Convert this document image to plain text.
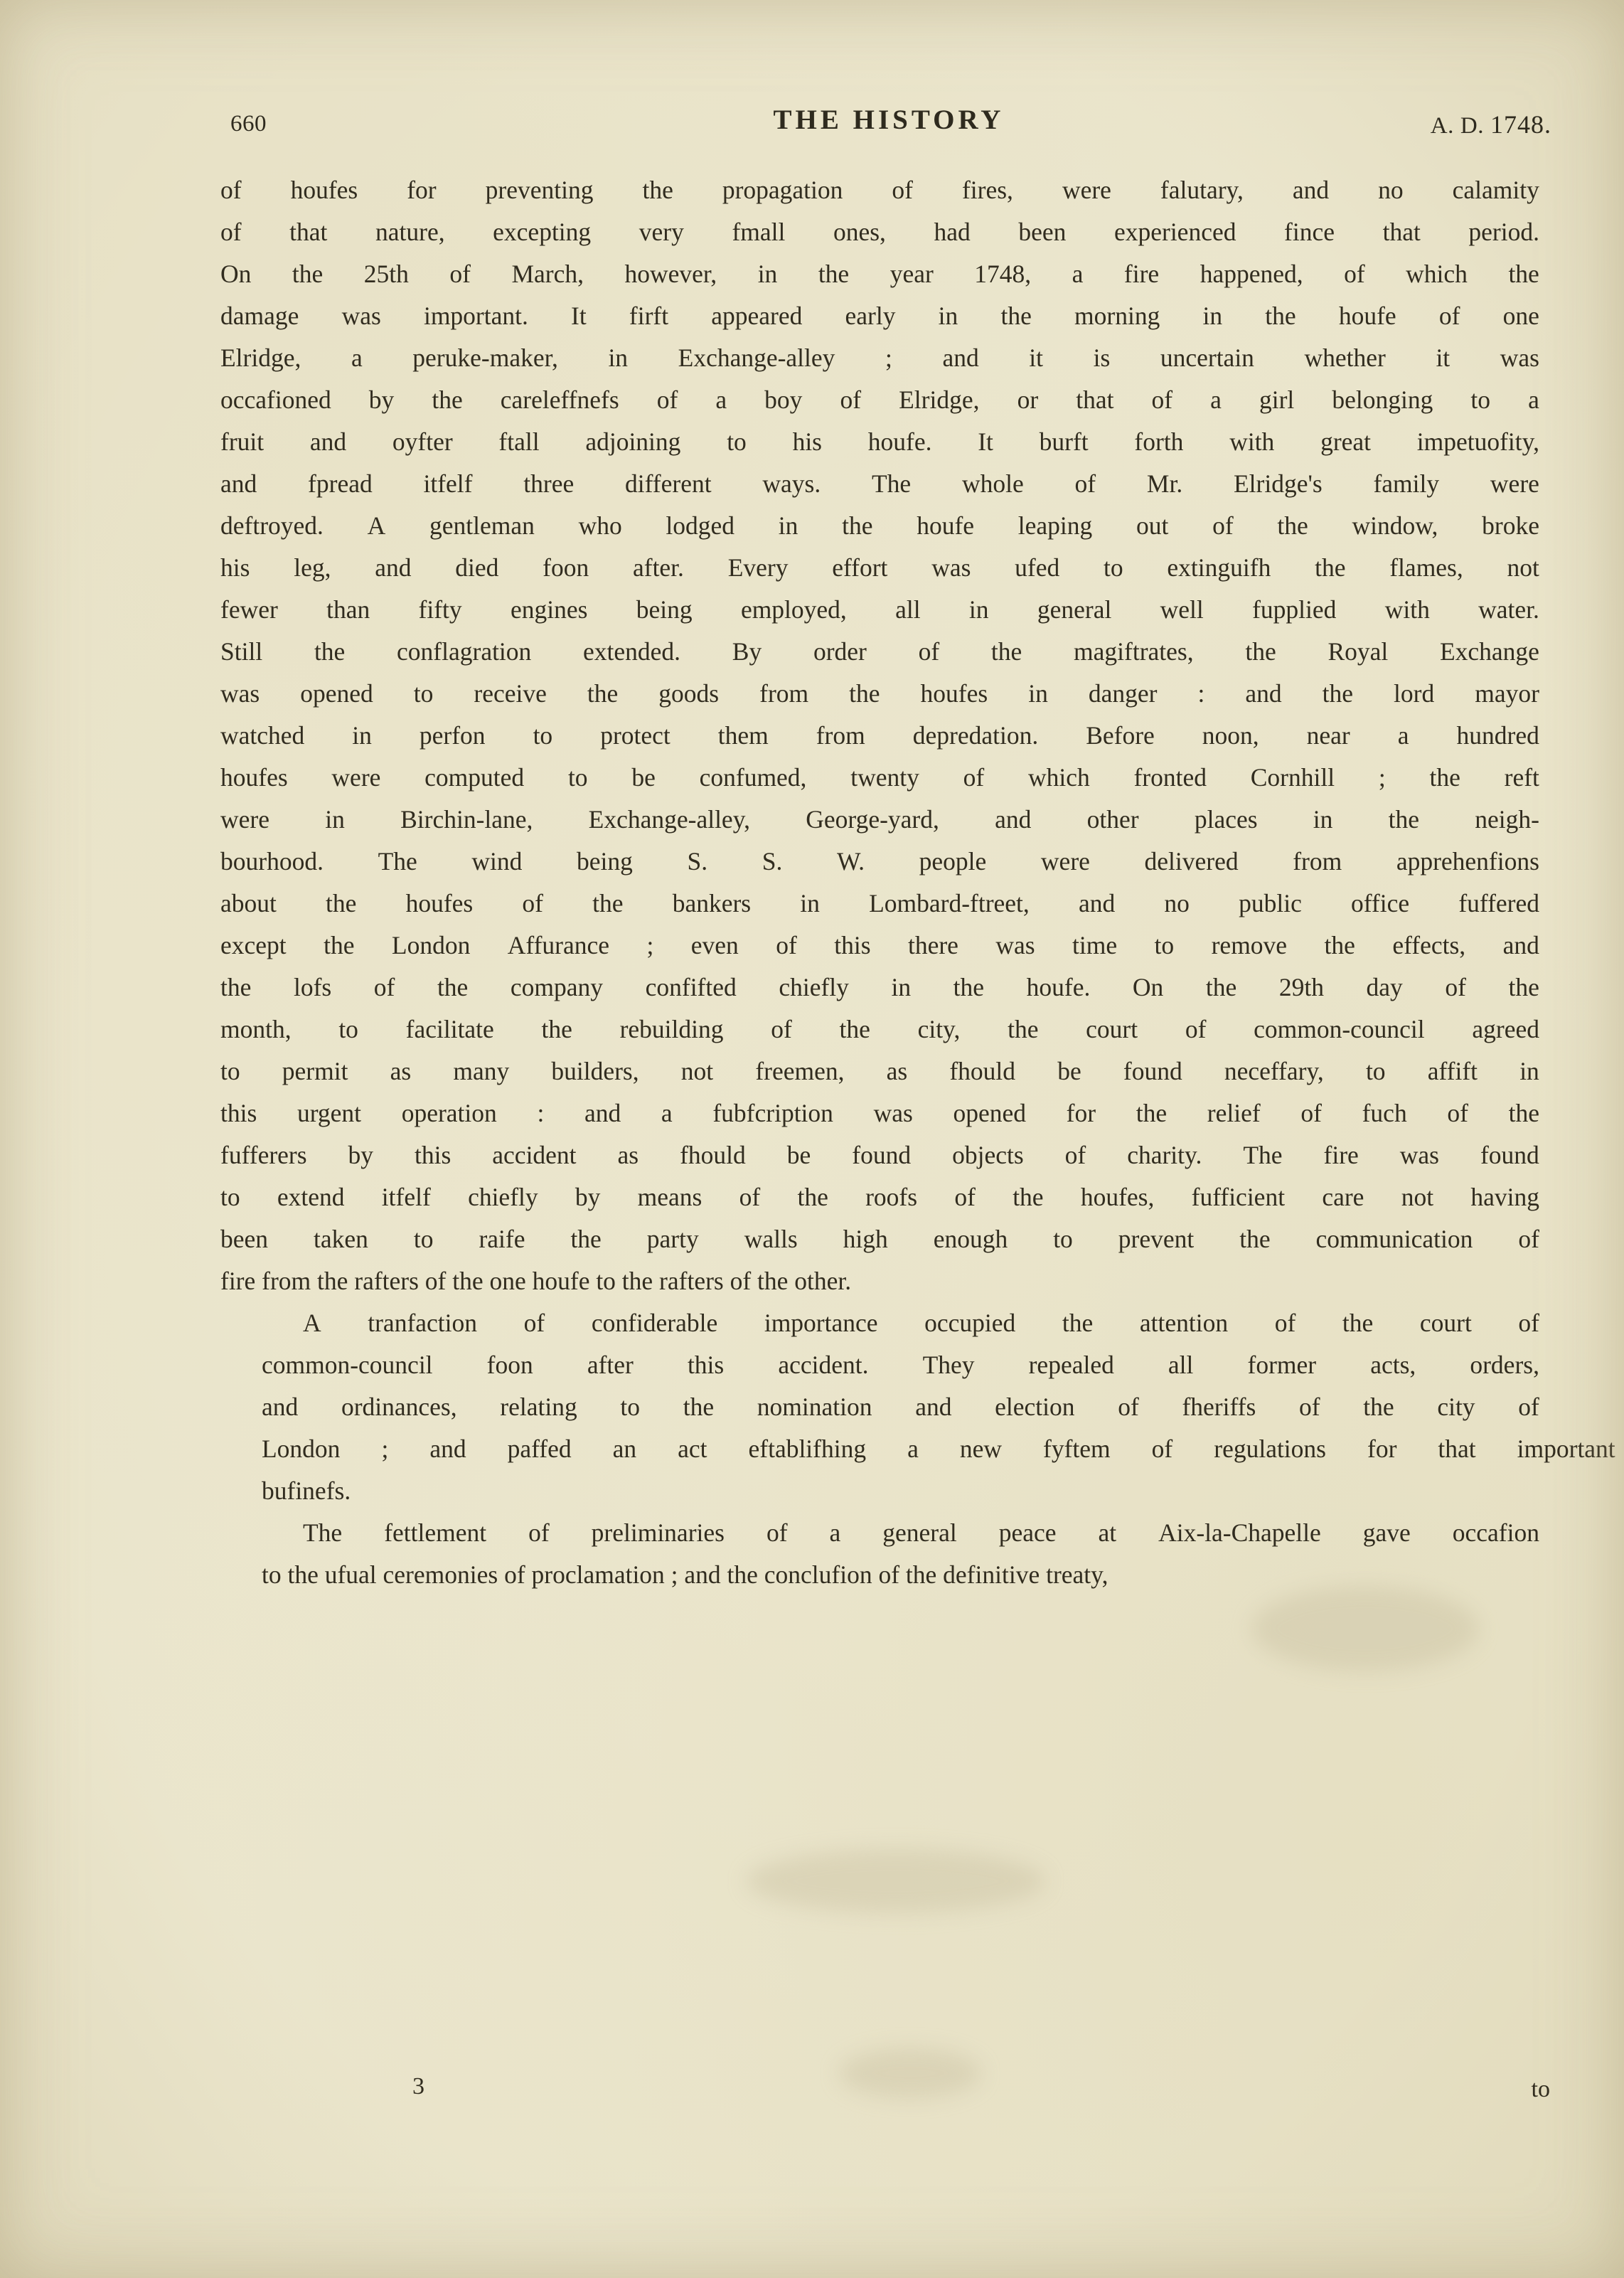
660	THE HISTORY	A. D. 1748.

of houfes for preventing the propagation of fires, were falutary, and no calamity
of that nature, excepting very fmall ones, had been experienced fince that period.
On the 25th of March, however, in the year 1748, a fire happened, of which the
damage was important. It firft appeared early in the morning in the houfe of one
Elridge, a peruke-maker, in Exchange-alley ; and it is uncertain whether it was
occafioned by the careleffnefs of a boy of Elridge, or that of a girl belonging to a
fruit and oyfter ftall adjoining to his houfe. It burft forth with great impetuofity,
and fpread itfelf three different ways. The whole of Mr. Elridge's family were
deftroyed. A gentleman who lodged in the houfe leaping out of the window, broke
his leg, and died foon after. Every effort was ufed to extinguifh the flames, not
fewer than fifty engines being employed, all in general well fupplied with water.
Still the conflagration extended. By order of the magiftrates, the Royal Exchange
was opened to receive the goods from the houfes in danger : and the lord mayor
watched in perfon to protect them from depredation. Before noon, near a hundred
houfes were computed to be confumed, twenty of which fronted Cornhill ; the reft
were in Birchin-lane, Exchange-alley, George-yard, and other places in the neigh-
bourhood. The wind being S. S. W. people were delivered from apprehenfions
about the houfes of the bankers in Lombard-ftreet, and no public office fuffered
except the London Affurance ; even of this there was time to remove the effects, and
the lofs of the company confifted chiefly in the houfe. On the 29th day of the
month, to facilitate the rebuilding of the city, the court of common-council agreed
to permit as many builders, not freemen, as fhould be found neceffary, to affift in
this urgent operation : and a fubfcription was opened for the relief of fuch of the
fufferers by this accident as fhould be found objects of charity. The fire was found
to extend itfelf chiefly by means of the roofs of the houfes, fufficient care not having
been taken to raife the party walls high enough to prevent the communication of
fire from the rafters of the one houfe to the rafters of the other.

A	tranfaction	of	confiderable	importance	occupied	the	attention	of	the	court	of
common-council	foon	after	this	accident.	They	repealed	all	former	acts,	orders,
and	ordinances,	relating	to	the	nomination	and	election	of	fheriffs	of	the	city	of
London	;	and	paffed	an	act	eftablifhing	a	new	fyftem	of	regulations	for	that	important
bufinefs.

The	fettlement	of	preliminaries	of	a	general	peace	at	Aix-la-Chapelle	gave	occafion
to the ufual ceremonies of proclamation ; and the conclufion of the definitive treaty,

3	to
